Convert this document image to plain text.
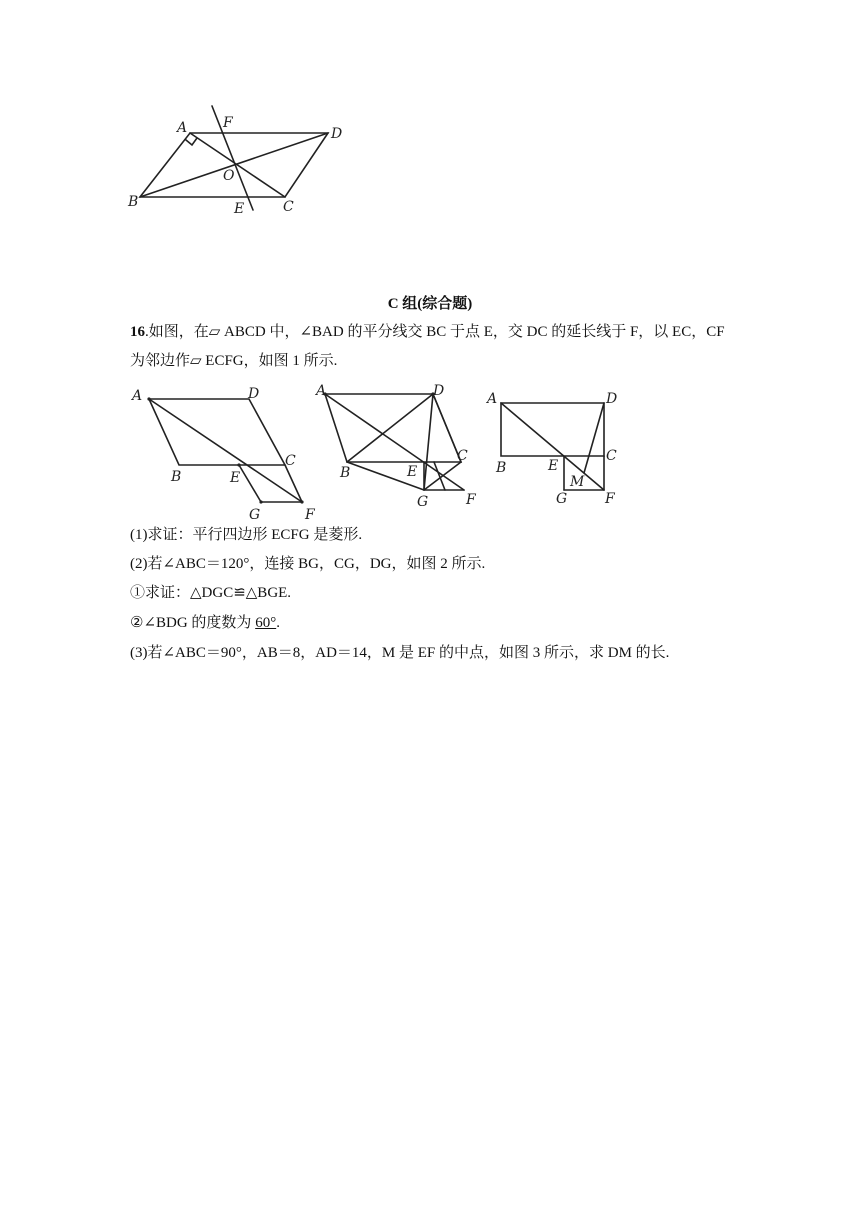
A
B	C
D
E
F
O
C 组(综合题)
16.如图，在▱ ABCD 中，∠BAD 的平分线交 BC 于点 E，交 DC 的延长线于 F，以 EC，CF 为邻边作▱ ECFG，如图 1 所示.
A	D
B	E
C
G	F
A	D
B	E
C
G	F
A	D
B	E
C
M
G	F
(1)求证：平行四边形 ECFG 是菱形.
(2)若∠ABC＝120°，连接 BG，CG，DG，如图 2 所示.
①求证：△DGC≌△BGE.
②∠BDG 的度数为 60°.
(3)若∠ABC＝90°，AB＝8，AD＝14，M 是 EF 的中点，如图 3 所示，求 DM 的长.
